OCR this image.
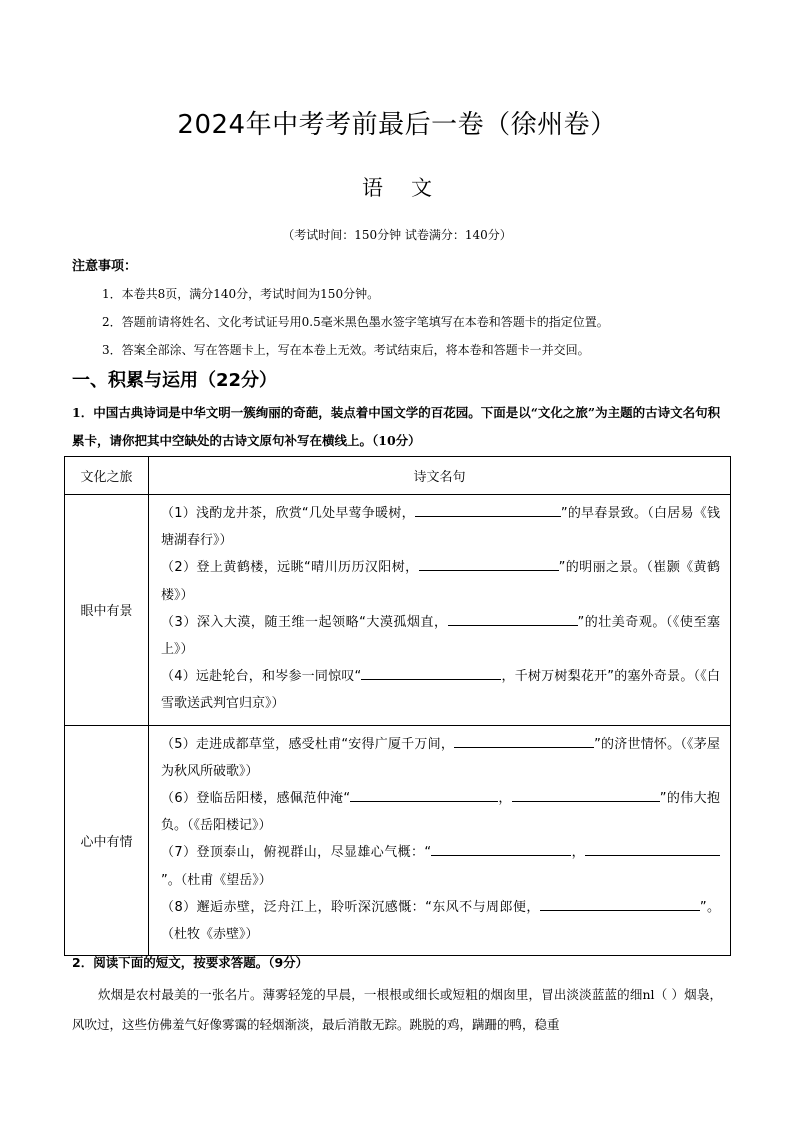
2024年中考考前最后一卷（徐州卷）
语 文
（考试时间：150分钟 试卷满分：140分）
注意事项：
1．本卷共8页，满分140分，考试时间为150分钟。
2．答题前请将姓名、文化考试证号用0.5毫米黑色墨水签字笔填写在本卷和答题卡的指定位置。
3．答案全部涂、写在答题卡上，写在本卷上无效。考试结束后，将本卷和答题卡一并交回。
一、积累与运用（22分）
1．中国古典诗词是中华文明一簇绚丽的奇葩，装点着中国文学的百花园。下面是以“文化之旅”为主题的古诗文名句积累卡，请你把其中空缺处的古诗文原句补写在横线上。（10分）
文化之旅	诗文名句
眼中有景	（1）浅酌龙井茶，欣赏“几处早莺争暖树， ”的早春景致。（白居易《钱塘湖春行》）
（2）登上黄鹤楼，远眺“晴川历历汉阳树， ”的明丽之景。（崔颢《黄鹤楼》）
（3）深入大漠，随王维一起领略“大漠孤烟直， ”的壮美奇观。（《使至塞上》）
（4）远赴轮台，和岑参一同惊叹“ ，千树万树梨花开”的塞外奇景。（《白雪歌送武判官归京》）

心中有情	（5）走进成都草堂，感受杜甫“安得广厦千万间， ”的济世情怀。（《茅屋为秋风所破歌》）
（6）登临岳阳楼，感佩范仲淹“ ， ”的伟大抱负。（《岳阳楼记》）
（7）登顶泰山，俯视群山，尽显雄心气概：“ ，”。（杜甫《望岳》）
（8）邂逅赤壁，泛舟江上，聆听深沉感慨：“东风不与周郎便， ”。（杜牧《赤壁》）
2．阅读下面的短文，按要求答题。（9分）
炊烟是农村最美的一张名片。薄雾轻笼的早晨，一根根或细长或短粗的烟囱里，冒出淡淡蓝蓝的细nl（ ）烟袅，风吹过，这些仿佛羞气好像雾霭的轻烟渐淡，最后消散无踪。跳脱的鸡，蹒跚的鸭，稳重
